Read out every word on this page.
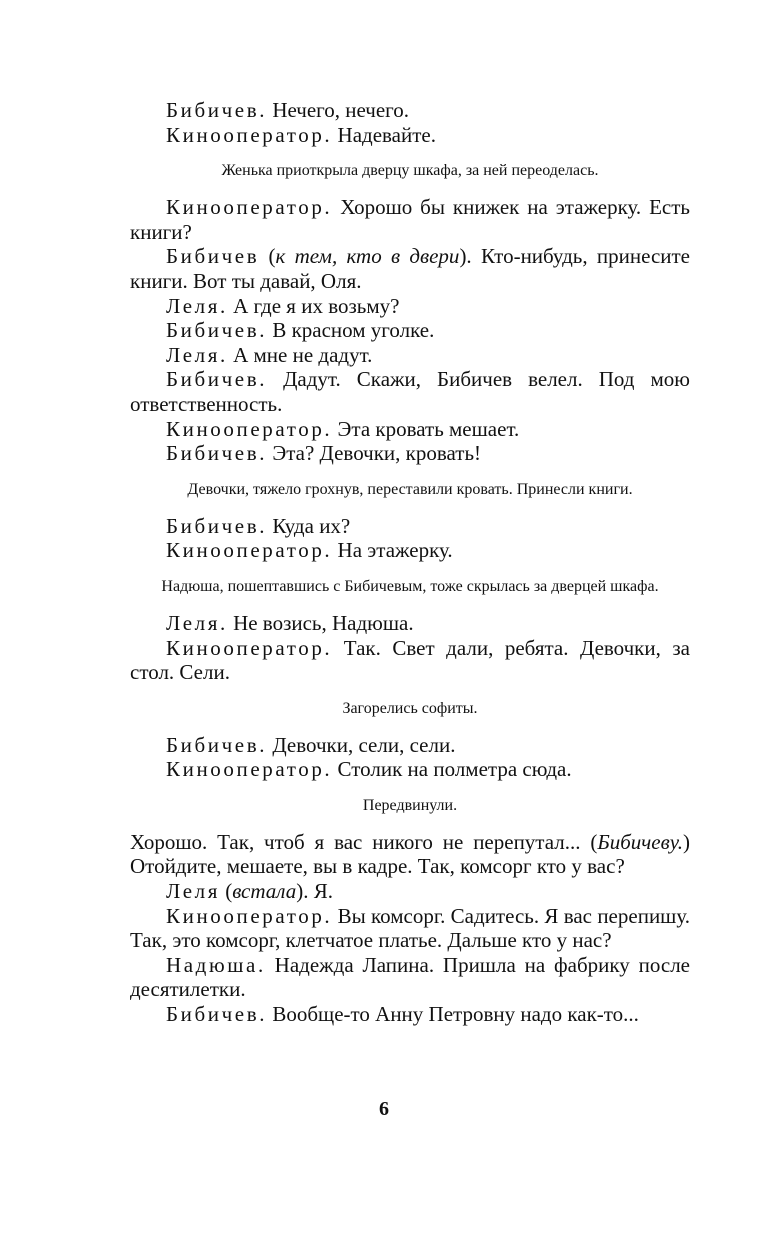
Бибичев. Нечего, нечего.

Кинооператор. Надевайте.

Женька приоткрыла дверцу шкафа, за ней переоделась.

Кинооператор. Хорошо бы книжек на этажерку. Есть книги?

Бибичев (к тем, кто в двери). Кто-нибудь, принесите книги. Вот ты давай, Оля.

Леля. А где я их возьму?

Бибичев. В красном уголке.

Леля. А мне не дадут.

Бибичев. Дадут. Скажи, Бибичев велел. Под мою ответственность.

Кинооператор. Эта кровать мешает.

Бибичев. Эта? Девочки, кровать!

Девочки, тяжело грохнув, переставили кровать. Принесли книги.

Бибичев. Куда их?

Кинооператор. На этажерку.

Надюша, пошептавшись с Бибичевым, тоже скрылась за дверцей шкафа.

Леля. Не возись, Надюша.

Кинооператор. Так. Свет дали, ребята. Девочки, за стол. Сели.

Загорелись софиты.

Бибичев. Девочки, сели, сели.

Кинооператор. Столик на полметра сюда.

Передвинули.

Хорошо. Так, чтоб я вас никого не перепутал... (Бибичеву.) Отойдите, мешаете, вы в кадре. Так, комсорг кто у вас?

Леля (встала). Я.

Кинооператор. Вы комсорг. Садитесь. Я вас перепишу. Так, это комсорг, клетчатое платье. Дальше кто у нас?

Надюша. Надежда Лапина. Пришла на фабрику после десятилетки.

Бибичев. Вообще-то Анну Петровну надо как-то...

6
